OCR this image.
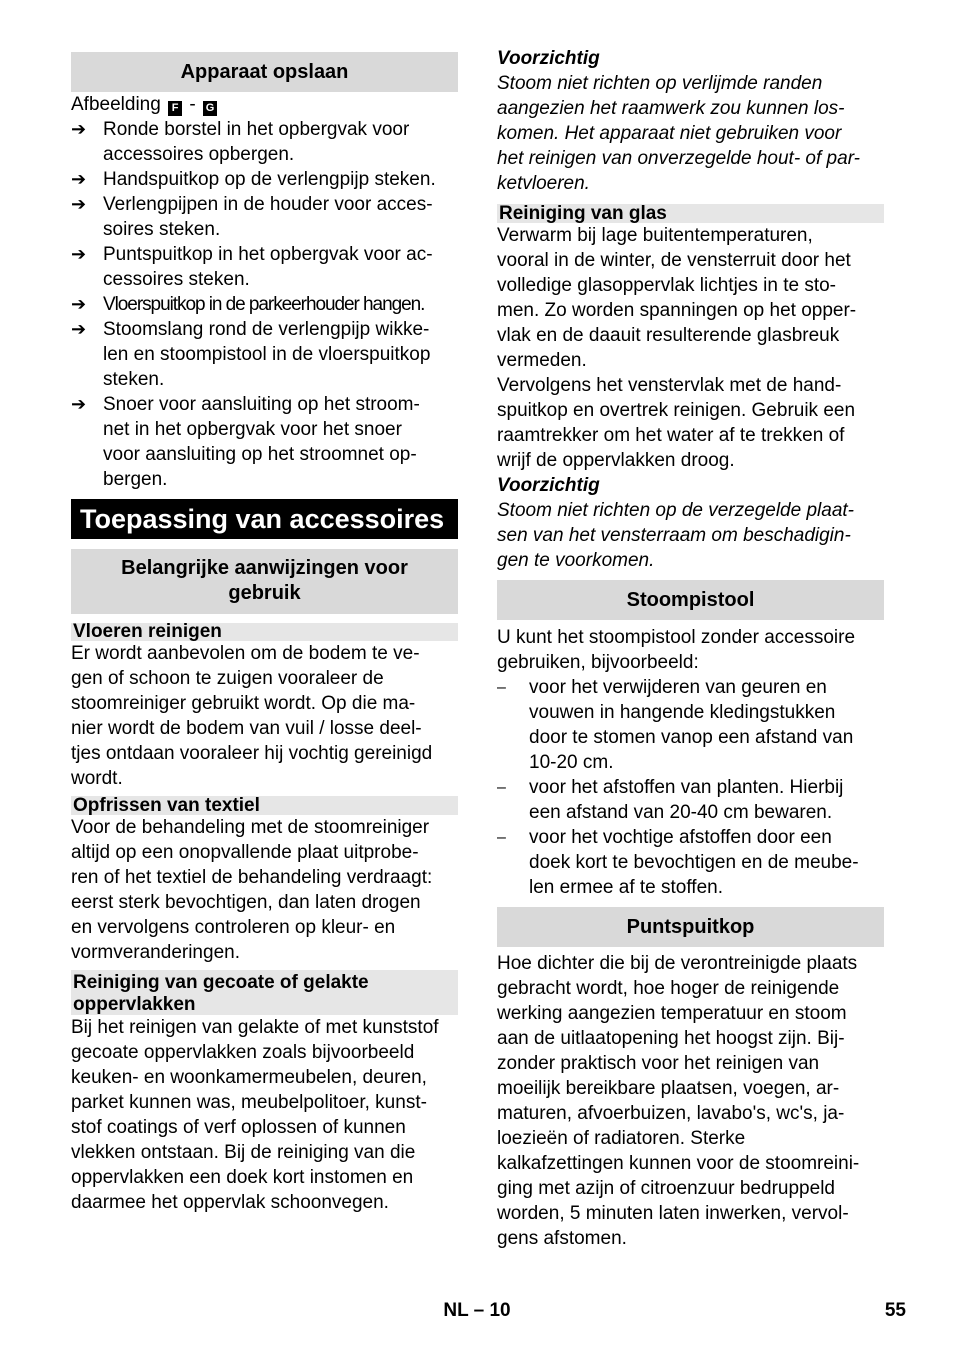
Apparaat opslaan
Afbeelding F - G
➔ Ronde borstel in het opbergvak voor
accessoires opbergen.
➔ Handspuitkop op de verlengpijp steken.
➔ Verlengpijpen in de houder voor acces-
soires steken.
➔ Puntspuitkop in het opbergvak voor ac-
cessoires steken.
➔ Vloerspuitkop in de parkeerhouder hangen.
➔ Stoomslang rond de verlengpijp wikke-
len en stoompistool in de vloerspuitkop
steken.
➔ Snoer voor aansluiting op het stroom-
net in het opbergvak voor het snoer
voor aansluiting op het stroomnet op-
bergen.
Toepassing van accessoires
Belangrijke aanwijzingen voor
gebruik
Vloeren reinigen
Er wordt aanbevolen om de bodem te ve-
gen of schoon te zuigen vooraleer de
stoomreiniger gebruikt wordt. Op die ma-
nier wordt de bodem van vuil / losse deel-
tjes ontdaan vooraleer hij vochtig gereinigd
wordt.
Opfrissen van textiel
Voor de behandeling met de stoomreiniger
altijd op een onopvallende plaat uitprobe-
ren of het textiel de behandeling verdraagt:
eerst sterk bevochtigen, dan laten drogen
en vervolgens controleren op kleur- en
vormveranderingen.
Reiniging van gecoate of gelakte
oppervlakken
Bij het reinigen van gelakte of met kunststof
gecoate oppervlakken zoals bijvoorbeeld
keuken- en woonkamermeubelen, deuren,
parket kunnen was, meubelpolitoer, kunst-
stof coatings of verf oplossen of kunnen
vlekken ontstaan. Bij de reiniging van die
oppervlakken een doek kort instomen en
daarmee het oppervlak schoonvegen.
Voorzichtig
Stoom niet richten op verlijmde randen
aangezien het raamwerk zou kunnen los-
komen. Het apparaat niet gebruiken voor
het reinigen van onverzegelde hout- of par-
ketvloeren.
Reiniging van glas
Verwarm bij lage buitentemperaturen,
vooral in de winter, de vensterruit door het
volledige glasoppervlak lichtjes in te sto-
men. Zo worden spanningen op het opper-
vlak en de daauit resulterende glasbreuk
vermeden.
Vervolgens het venstervlak met de hand-
spuitkop en overtrek reinigen. Gebruik een
raamtrekker om het water af te trekken of
wrijf de oppervlakken droog.
Voorzichtig
Stoom niet richten op de verzegelde plaat-
sen van het vensterraam om beschadigin-
gen te voorkomen.
Stoompistool
U kunt het stoompistool zonder accessoire
gebruiken, bijvoorbeeld:
–	voor het verwijderen van geuren en
vouwen in hangende kledingstukken
door te stomen vanop een afstand van
10-20 cm.
–	voor het afstoffen van planten. Hierbij
een afstand van 20-40 cm bewaren.
–	voor het vochtige afstoffen door een
doek kort te bevochtigen en de meube-
len ermee af te stoffen.
Puntspuitkop
Hoe dichter die bij de verontreinigde plaats
gebracht wordt, hoe hoger de reinigende
werking aangezien temperatuur en stoom
aan de uitlaatopening het hoogst zijn. Bij-
zonder praktisch voor het reinigen van
moeilijk bereikbare plaatsen, voegen, ar-
maturen, afvoerbuizen, lavabo's, wc's, ja-
loezieën of radiatoren. Sterke
kalkafzettingen kunnen voor de stoomreini-
ging met azijn of citroenzuur bedruppeld
worden, 5 minuten laten inwerken, vervol-
gens afstomen.
NL – 10	55
